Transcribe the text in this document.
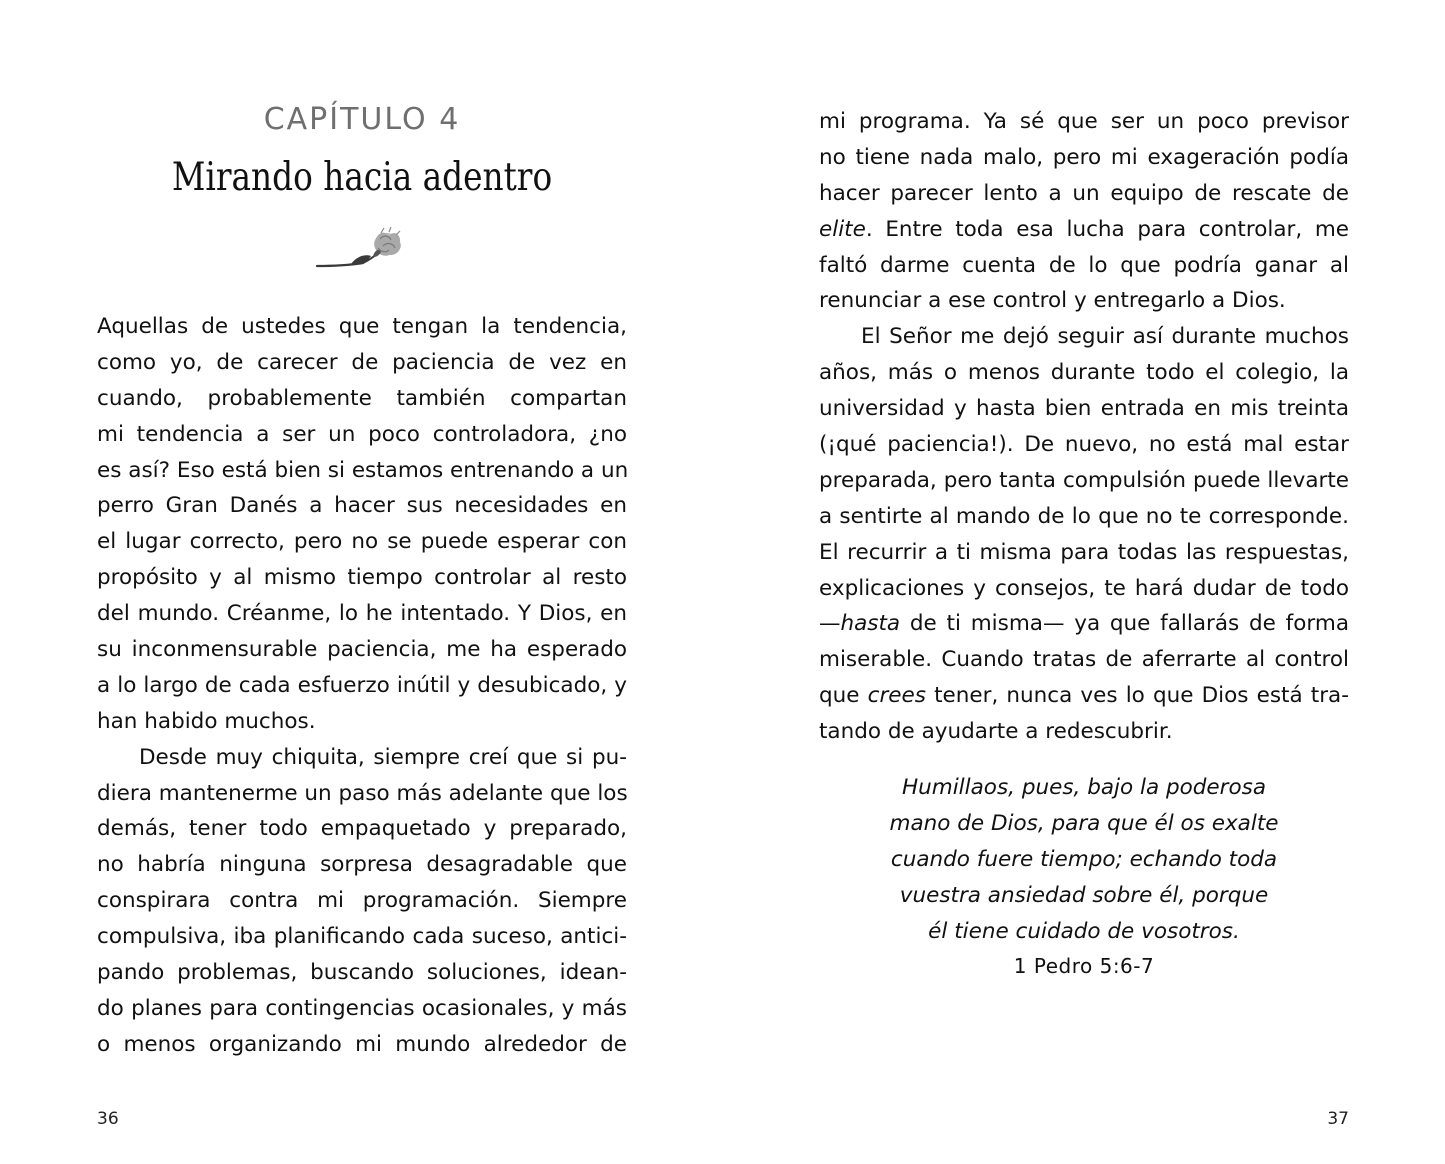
CAPÍTULO 4
Mirando hacia adentro
Aquellas de ustedes que tengan la tendencia,
como yo, de carecer de paciencia de vez en
cuando, probablemente también compartan
mi tendencia a ser un poco controladora, ¿no
es así? Eso está bien si estamos entrenando a un
perro Gran Danés a hacer sus necesidades en
el lugar correcto, pero no se puede esperar con
propósito y al mismo tiempo controlar al resto
del mundo. Créanme, lo he intentado. Y Dios, en
su inconmensurable paciencia, me ha esperado
a lo largo de cada esfuerzo inútil y desubicado, y
han habido muchos.
Desde muy chiquita, siempre creí que si pu-
diera mantenerme un paso más adelante que los
demás, tener todo empaquetado y preparado,
no habría ninguna sorpresa desagradable que
conspirara contra mi programación. Siempre
compulsiva, iba planificando cada suceso, antici-
pando problemas, buscando soluciones, idean-
do planes para contingencias ocasionales, y más
o menos organizando mi mundo alrededor de
36
mi programa. Ya sé que ser un poco previsor
no tiene nada malo, pero mi exageración podía
hacer parecer lento a un equipo de rescate de
elite. Entre toda esa lucha para controlar, me
faltó darme cuenta de lo que podría ganar al
renunciar a ese control y entregarlo a Dios.
El Señor me dejó seguir así durante muchos
años, más o menos durante todo el colegio, la
universidad y hasta bien entrada en mis treinta
(¡qué paciencia!). De nuevo, no está mal estar
preparada, pero tanta compulsión puede llevarte
a sentirte al mando de lo que no te corresponde.
El recurrir a ti misma para todas las respuestas,
explicaciones y consejos, te hará dudar de todo
—hasta de ti misma— ya que fallarás de forma
miserable. Cuando tratas de aferrarte al control
que crees tener, nunca ves lo que Dios está tra-
tando de ayudarte a redescubrir.
Humillaos, pues, bajo la poderosa
mano de Dios, para que él os exalte
cuando fuere tiempo; echando toda
vuestra ansiedad sobre él, porque
él tiene cuidado de vosotros.
1 Pedro 5:6-7
37
